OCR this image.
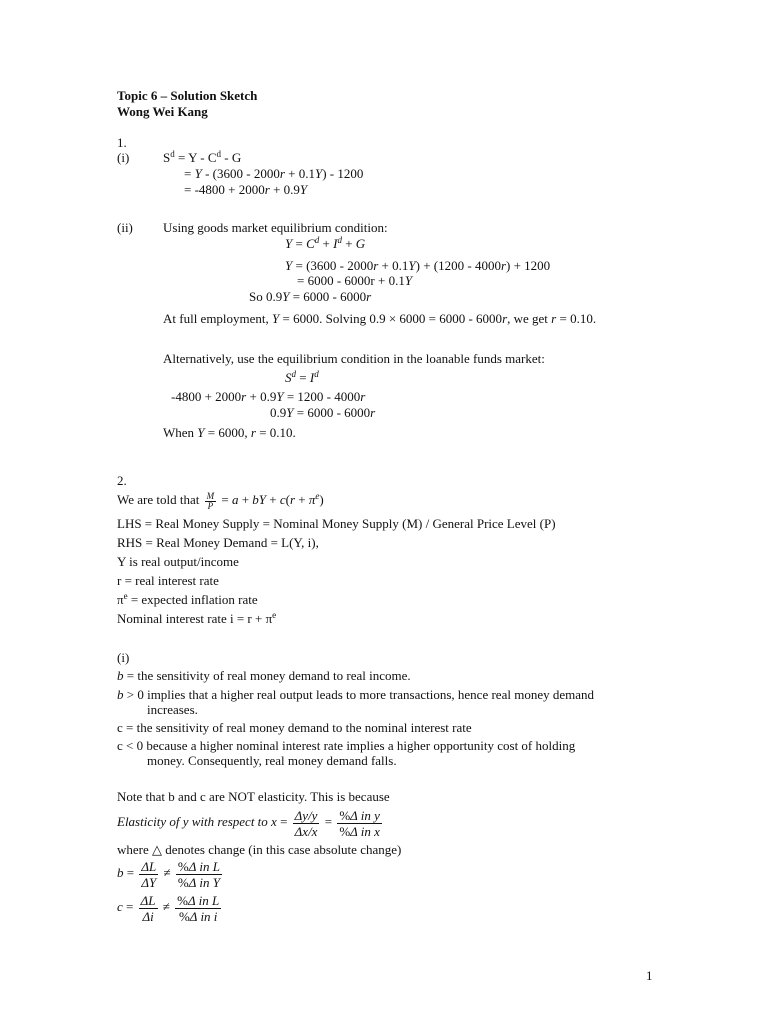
Topic 6 – Solution Sketch
Wong Wei Kang
1.
(i)	$S^d = Y - C^d - G$
= Y - (3600 - 2000r + 0.1Y) - 1200
= -4800 + 2000r + 0.9Y
(ii) Using goods market equilibrium condition:
$Y = C^d + I^d + G$
Y = (3600 - 2000r + 0.1Y) + (1200 - 4000r) + 1200
= 6000 - 6000r + 0.1Y
So 0.9Y = 6000 - 6000r
At full employment, Y = 6000. Solving 0.9 × 6000 = 6000 - 6000r, we get r = 0.10.
Alternatively, use the equilibrium condition in the loanable funds market:
$S^d = I^d$
-4800 + 2000r + 0.9Y = 1200 - 4000r
0.9Y = 6000 - 6000r
When Y = 6000, r = 0.10.
2.
We are told that $\frac{M}{P} = a$ + bY + $c(r + \pi^e)$
LHS = Real Money Supply = Nominal Money Supply (M) / General Price Level (P)
RHS = Real Money Demand = L(Y, i),
Y is real output/income
r = real interest rate
$\pi^e$ = expected inflation rate
Nominal interest rate $i = r + \pi^e$
(i)
b = the sensitivity of real money demand to real income.
b > 0 implies that a higher real output leads to more transactions, hence real money demand
increases.
c = the sensitivity of real money demand to the nominal interest rate
c < 0 because a higher nominal interest rate implies a higher opportunity cost of holding
money. Consequently, real money demand falls.
Note that b and c are NOT elasticity. This is because
Elasticity of y with respect to $x = \frac{\Delta y/y}{\Delta x/x} = \frac{\text{\%Δ in y}}{\text{\%Δ in x}}$
where △ denotes change (in this case absolute change)
$b = \frac{\Delta L}{\Delta Y} \ne \frac{\text{\%Δ in L}}{\text{\%Δ in Y}}$
$c = \frac{\Delta L}{\Delta i} \ne \frac{\text{\%Δ in L}}{\text{\%Δ in i}}$
1
